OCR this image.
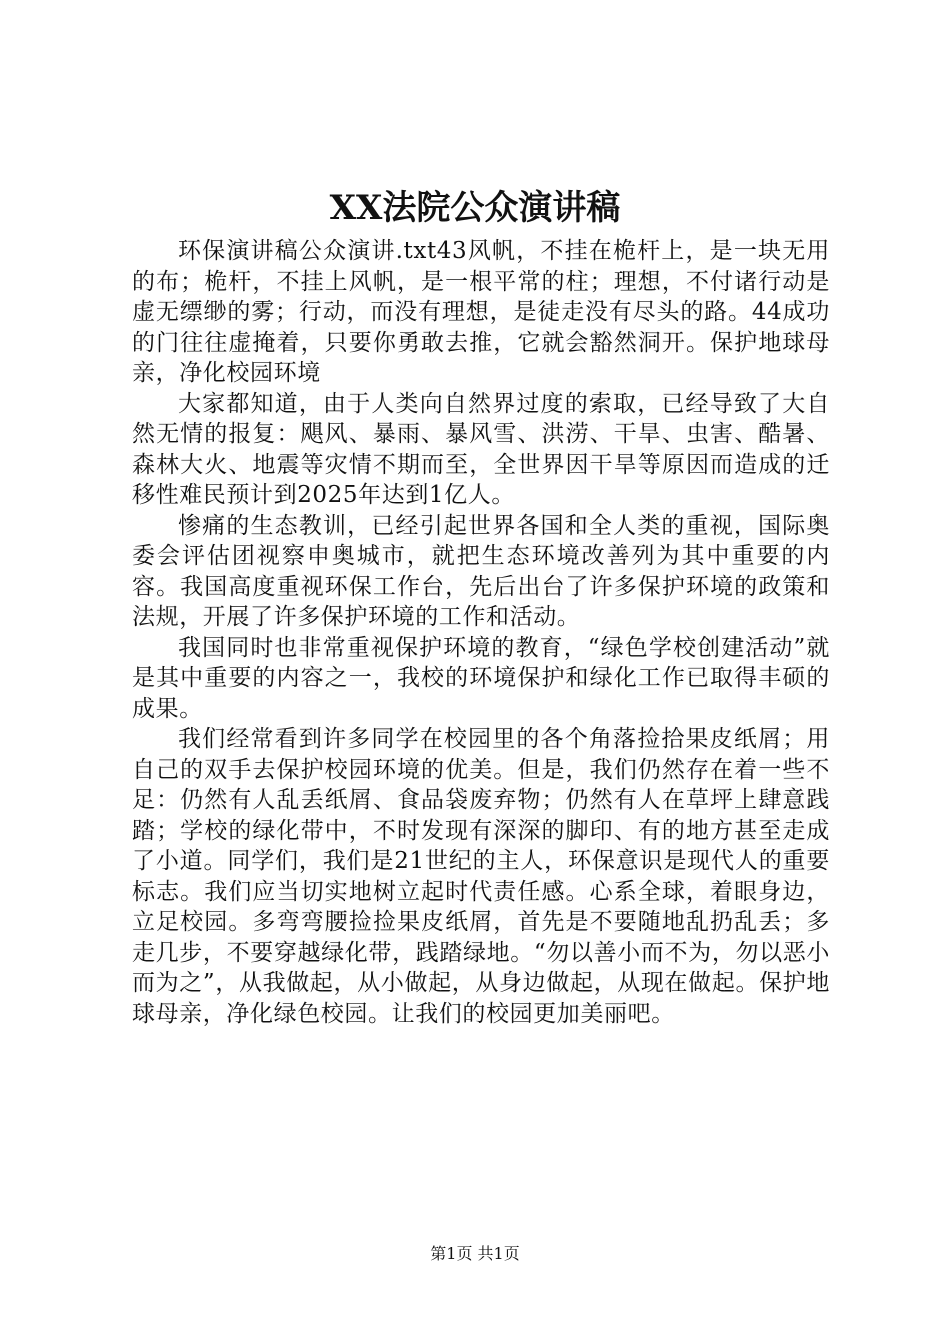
XX法院公众演讲稿

环保演讲稿公众演讲.txt43风帆，不挂在桅杆上，是一块无用的布；桅杆，不挂上风帆，是一根平常的柱；理想，不付诸行动是虚无缥缈的雾；行动，而没有理想，是徒走没有尽头的路。44成功的门往往虚掩着，只要你勇敢去推，它就会豁然洞开。保护地球母亲，净化校园环境

大家都知道，由于人类向自然界过度的索取，已经导致了大自然无情的报复：飓风、暴雨、暴风雪、洪涝、干旱、虫害、酷暑、森林大火、地震等灾情不期而至，全世界因干旱等原因而造成的迁移性难民预计到2025年达到1亿人。

惨痛的生态教训，已经引起世界各国和全人类的重视，国际奥委会评估团视察申奥城市，就把生态环境改善列为其中重要的内容。我国高度重视环保工作台，先后出台了许多保护环境的政策和法规，开展了许多保护环境的工作和活动。

我国同时也非常重视保护环境的教育，“绿色学校创建活动”就是其中重要的内容之一，我校的环境保护和绿化工作已取得丰硕的成果。

我们经常看到许多同学在校园里的各个角落捡拾果皮纸屑；用自己的双手去保护校园环境的优美。但是，我们仍然存在着一些不足：仍然有人乱丢纸屑、食品袋废弃物；仍然有人在草坪上肆意践踏；学校的绿化带中，不时发现有深深的脚印、有的地方甚至走成了小道。同学们，我们是21世纪的主人，环保意识是现代人的重要标志。我们应当切实地树立起时代责任感。心系全球，着眼身边，立足校园。多弯弯腰捡捡果皮纸屑，首先是不要随地乱扔乱丢；多走几步，不要穿越绿化带，践踏绿地。“勿以善小而不为，勿以恶小而为之”，从我做起，从小做起，从身边做起，从现在做起。保护地球母亲，净化绿色校园。让我们的校园更加美丽吧。

第1页 共1页
